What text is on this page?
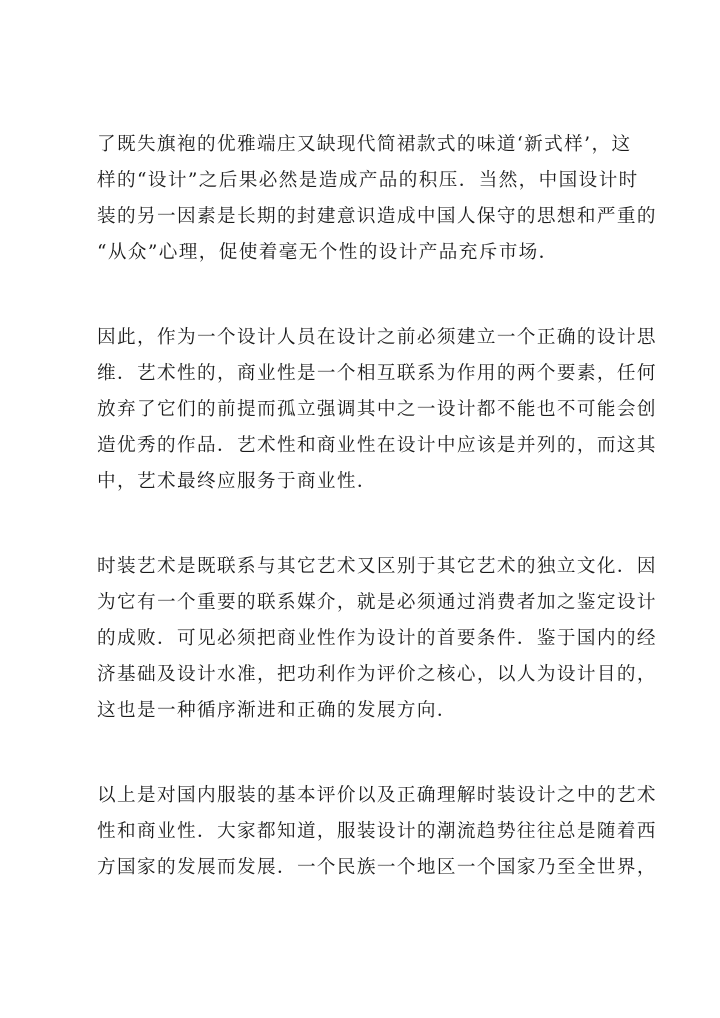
了既失旗袍的优雅端庄又缺现代简裙款式的味道‘新式样’，这
样的“设计”之后果必然是造成产品的积压．当然，中国设计时
装的另一因素是长期的封建意识造成中国人保守的思想和严重的
“从众”心理，促使着毫无个性的设计产品充斥市场．

因此，作为一个设计人员在设计之前必须建立一个正确的设计思
维．艺术性的，商业性是一个相互联系为作用的两个要素，任何
放弃了它们的前提而孤立强调其中之一设计都不能也不可能会创
造优秀的作品．艺术性和商业性在设计中应该是并列的，而这其
中，艺术最终应服务于商业性．

时装艺术是既联系与其它艺术又区别于其它艺术的独立文化．因
为它有一个重要的联系媒介，就是必须通过消费者加之鉴定设计
的成败．可见必须把商业性作为设计的首要条件．鉴于国内的经
济基础及设计水准，把功利作为评价之核心，以人为设计目的，
这也是一种循序渐进和正确的发展方向．

以上是对国内服装的基本评价以及正确理解时装设计之中的艺术
性和商业性．大家都知道，服装设计的潮流趋势往往总是随着西
方国家的发展而发展．一个民族一个地区一个国家乃至全世界，
